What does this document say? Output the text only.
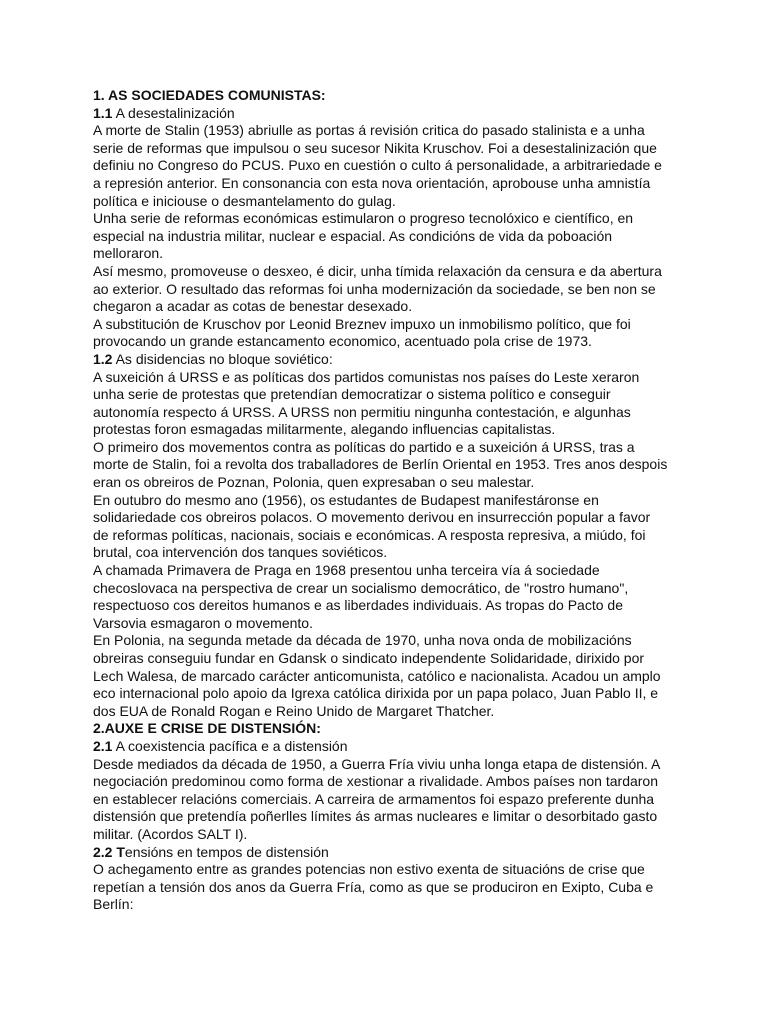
1. AS SOCIEDADES COMUNISTAS:
1.1 A desestalinización
A morte de Stalin (1953) abriulle as portas á revisión critica do pasado stalinista e a unha
serie de reformas que impulsou o seu sucesor Nikita Kruschov. Foi a desestalinización que
definiu no Congreso do PCUS. Puxo en cuestión o culto á personalidade, a arbitrariedade e
a represión anterior. En consonancia con esta nova orientación, aprobouse unha amnistía
política e iniciouse o desmantelamento do gulag.
Unha serie de reformas económicas estimularon o progreso tecnolóxico e científico, en
especial na industria militar, nuclear e espacial. As condicións de vida da poboación
melloraron.
Así mesmo, promoveuse o desxeo, é dicir, unha tímida relaxación da censura e da abertura
ao exterior. O resultado das reformas foi unha modernización da sociedade, se ben non se
chegaron a acadar as cotas de benestar desexado.
A substitución de Kruschov por Leonid Breznev impuxo un inmobilismo político, que foi
provocando un grande estancamento economico, acentuado pola crise de 1973.
1.2 As disidencias no bloque soviético:
A suxeición á URSS e as políticas dos partidos comunistas nos países do Leste xeraron
unha serie de protestas que pretendían democratizar o sistema político e conseguir
autonomía respecto á URSS. A URSS non permitiu ningunha contestación, e algunhas
protestas foron esmagadas militarmente, alegando influencias capitalistas.
O primeiro dos movementos contra as políticas do partido e a suxeición á URSS, tras a
morte de Stalin, foi a revolta dos traballadores de Berlín Oriental en 1953. Tres anos despois
eran os obreiros de Poznan, Polonia, quen expresaban o seu malestar.
En outubro do mesmo ano (1956), os estudantes de Budapest manifestáronse en
solidariedade cos obreiros polacos. O movemento derivou en insurrección popular a favor
de reformas políticas, nacionais, sociais e económicas. A resposta represiva, a miúdo, foi
brutal, coa intervención dos tanques soviéticos.
A chamada Primavera de Praga en 1968 presentou unha terceira vía á sociedade
checoslovaca na perspectiva de crear un socialismo democrático, de "rostro humano",
respectuoso cos dereitos humanos e as liberdades individuais. As tropas do Pacto de
Varsovia esmagaron o movemento.
En Polonia, na segunda metade da década de 1970, unha nova onda de mobilizacións
obreiras conseguiu fundar en Gdansk o sindicato independente Solidaridade, dirixido por
Lech Walesa, de marcado carácter anticomunista, católico e nacionalista. Acadou un amplo
eco internacional polo apoio da Igrexa católica dirixida por un papa polaco, Juan Pablo II, e
dos EUA de Ronald Rogan e Reino Unido de Margaret Thatcher.
2.AUXE E CRISE DE DISTENSIÓN:
2.1 A coexistencia pacífica e a distensión
Desde mediados da década de 1950, a Guerra Fría viviu unha longa etapa de distensión. A
negociación predominou como forma de xestionar a rivalidade. Ambos países non tardaron
en establecer relacións comerciais. A carreira de armamentos foi espazo preferente dunha
distensión que pretendía poñerlles límites ás armas nucleares e limitar o desorbitado gasto
militar. (Acordos SALT I).
2.2 Tensións en tempos de distensión
O achegamento entre as grandes potencias non estivo exenta de situacións de crise que
repetían a tensión dos anos da Guerra Fría, como as que se produciron en Exipto, Cuba e
Berlín:
